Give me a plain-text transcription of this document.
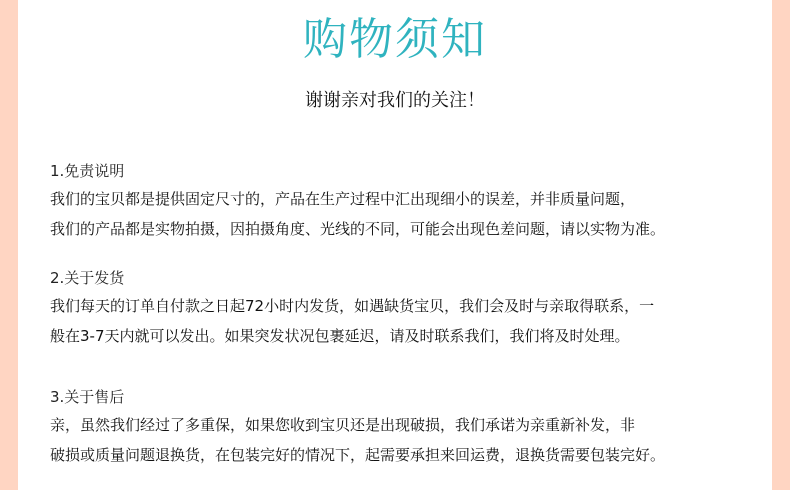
购物须知
谢谢亲对我们的关注！
1.免责说明
我们的宝贝都是提供固定尺寸的，产品在生产过程中汇出现细小的误差，并非质量问题，
我们的产品都是实物拍摄，因拍摄角度、光线的不同，可能会出现色差问题，请以实物为准。
2.关于发货
我们每天的订单自付款之日起72小时内发货，如遇缺货宝贝，我们会及时与亲取得联系，一
般在3-7天内就可以发出。如果突发状况包裹延迟，请及时联系我们，我们将及时处理。
3.关于售后
亲，虽然我们经过了多重保，如果您收到宝贝还是出现破损，我们承诺为亲重新补发，非
破损或质量问题退换货，在包装完好的情况下，起需要承担来回运费，退换货需要包装完好。
